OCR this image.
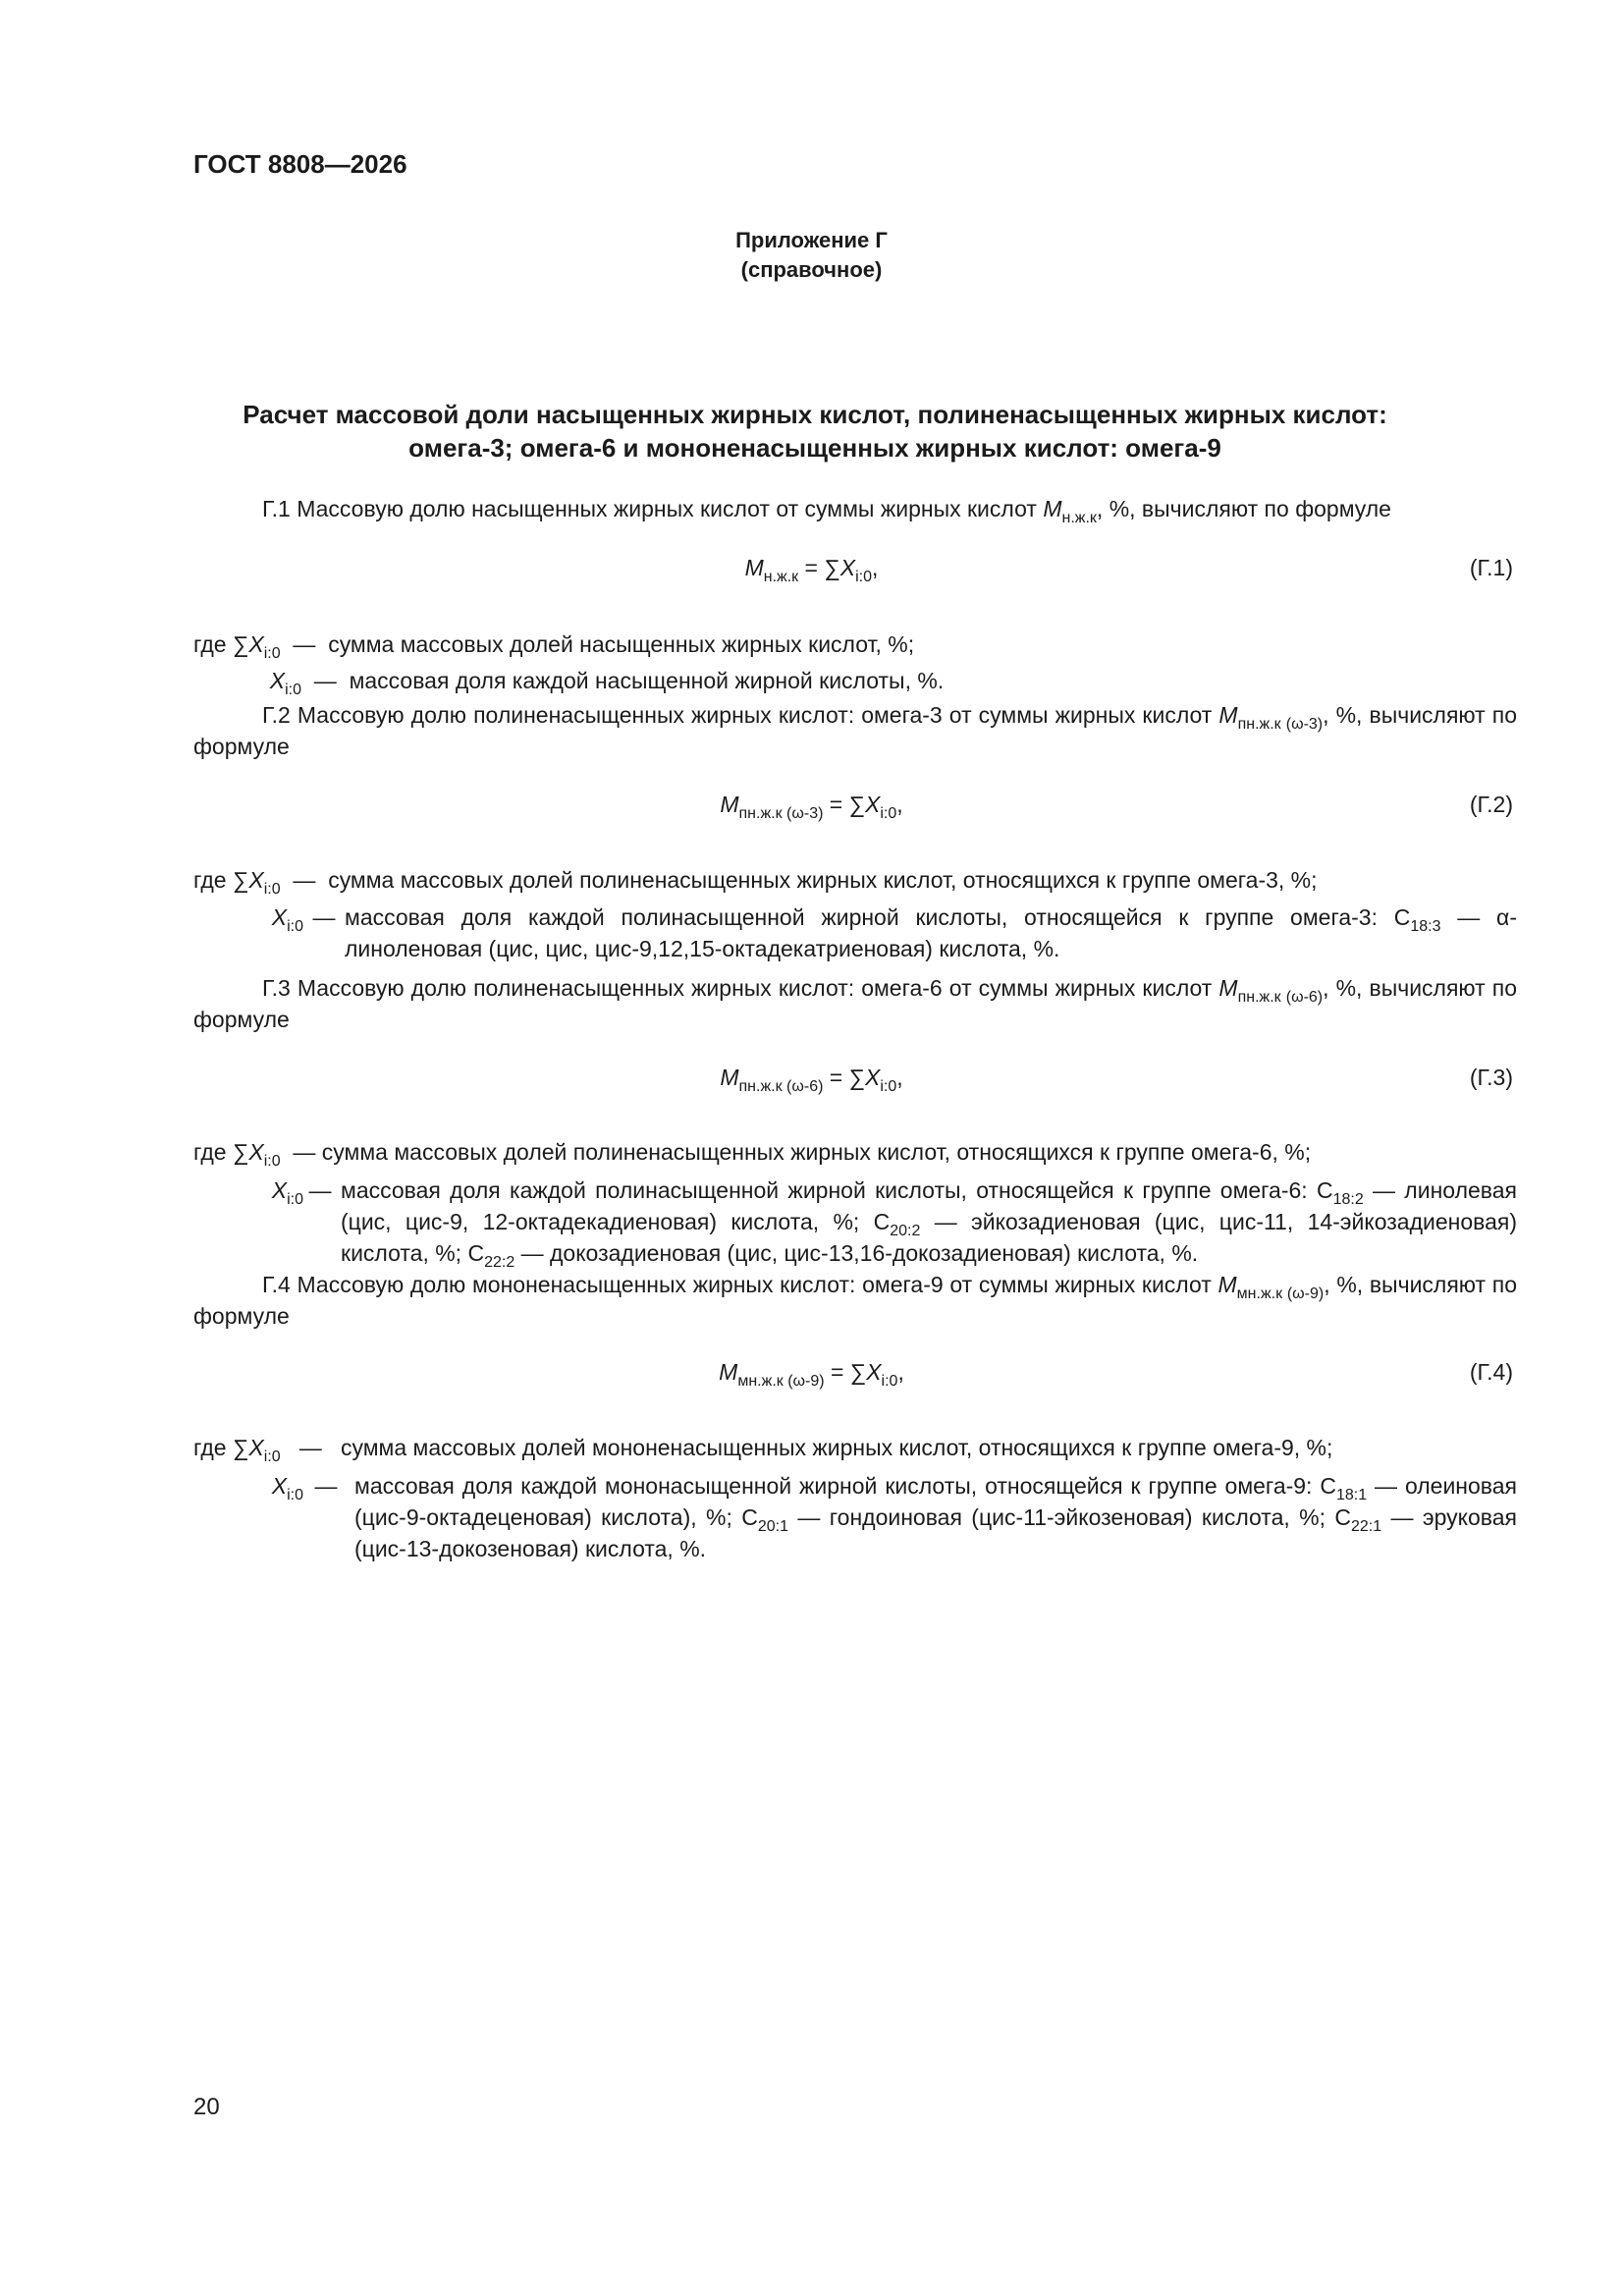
ГОСТ 8808—2026
Приложение Г
(справочное)
Расчет массовой доли насыщенных жирных кислот, полиненасыщенных жирных кислот:
омега-3; омега-6 и мононенасыщенных жирных кислот: омега-9
Г.1 Массовую долю насыщенных жирных кислот от суммы жирных кислот $M_{н.ж.к}$, %, вычисляют по формуле
$M_{н.ж.к} = \sum X_{i:0}$,	(Г.1)
где $\sum X_{i:0}$ — сумма массовых долей насыщенных жирных кислот, %;
$X_{i:0}$ — массовая доля каждой насыщенной жирной кислоты, %.
Г.2 Массовую долю полиненасыщенных жирных кислот: омега-3 от суммы жирных кислот $M_{пн.ж.к (\omega-3)}$, %, вычисляют по формуле
$M_{пн.ж.к (\omega-3)} = \sum X_{i:0}$,	(Г.2)
где $\sum X_{i:0}$ — сумма массовых долей полиненасыщенных жирных кислот, относящихся к группе омега-3, %;
$X_{i:0}$ — массовая доля каждой полинасыщенной жирной кислоты, относящейся к группе омега-3: $C_{18:3}$ — α-линоленовая (цис, цис, цис-9,12,15-октадекатриеновая) кислота, %.
Г.3 Массовую долю полиненасыщенных жирных кислот: омега-6 от суммы жирных кислот $M_{пн.ж.к (\omega-6)}$, %, вычисляют по формуле
$M_{пн.ж.к (\omega-6)} = \sum X_{i:0}$,	(Г.3)
где $\sum X_{i:0}$ — сумма массовых долей полиненасыщенных жирных кислот, относящихся к группе омега-6, %;
$X_{i:0}$ — массовая доля каждой полинасыщенной жирной кислоты, относящейся к группе омега-6: $C_{18:2}$ — линолевая (цис, цис-9, 12-октадекадиеновая) кислота, %; $C_{20:2}$ — эйкозадиеновая (цис, цис-11, 14-эйкозадиеновая) кислота, %; $C_{22:2}$ — докозадиеновая (цис, цис-13,16-докозадиеновая) кислота, %.
Г.4 Массовую долю мононенасыщенных жирных кислот: омега-9 от суммы жирных кислот $M_{мн.ж.к (\omega-9)}$, %, вычисляют по формуле
$M_{мн.ж.к (\omega-9)} = \sum X_{i:0}$,	(Г.4)
где $\sum X_{i:0}$ — сумма массовых долей мононенасыщенных жирных кислот, относящихся к группе омега-9, %;
$X_{i:0}$ — массовая доля каждой мононасыщенной жирной кислоты, относящейся к группе омега-9: $C_{18:1}$ — олеиновая (цис-9-октадеценовая) кислота), %; $C_{20:1}$ — гондоиновая (цис-11-эйкозеновая) кислота, %; $C_{22:1}$ — эруковая (цис-13-докозеновая) кислота, %.
20
